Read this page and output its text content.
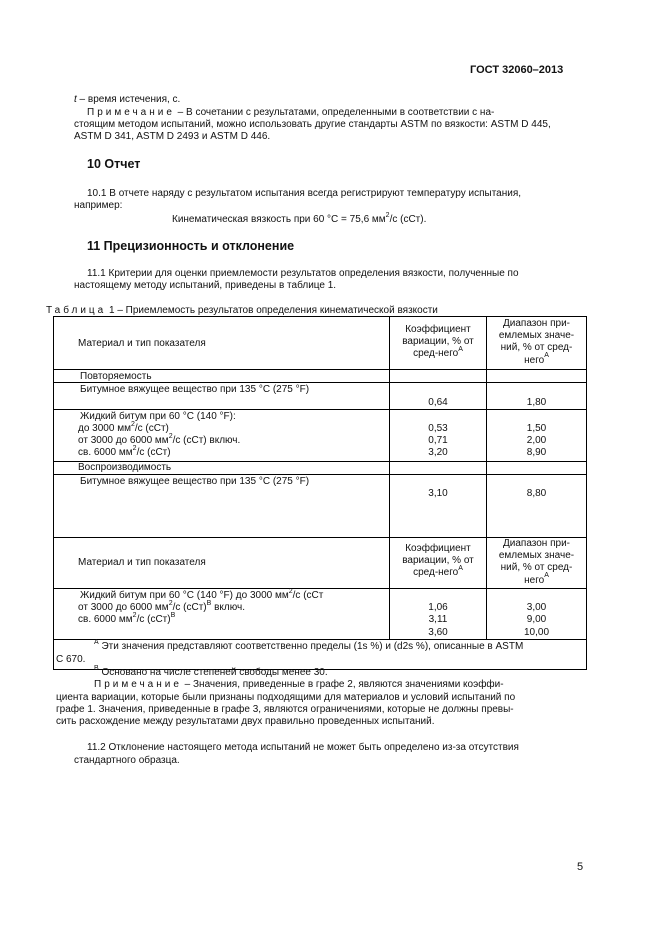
ГОСТ 32060–2013
t – время истечения, с.
Примечание – В сочетании с результатами, определенными в соответствии с на-
стоящим методом испытаний, можно использовать другие стандарты ASTM по вязкости: ASTM D 445,
ASTM D 341, ASTM D 2493 и ASTM D 446.
10 Отчет
10.1 В отчете наряду с результатом испытания всегда регистрируют температуру испытания,
например:
Кинематическая вязкость при 60 °С = 75,6 $мм^2/с$ (сСт).
11 Прецизионность и отклонение
11.1 Критерии для оценки приемлемости результатов определения вязкости, полученные по
настоящему методу испытаний, приведены в таблице 1.
Таблица 1 – Приемлемость результатов определения кинематической вязкости
Материал и тип показателя
Коэффициент
вариации, % от
сред-него$^A$
Диапазон при-
емлемых значе-
ний, % от сред-
него$^A$
Повторяемость
Битумное вяжущее вещество при 135 °С (275 °F)
0,64	1,80
Жидкий битум при 60 °С (140 °F):
до 3000 $мм^2/с$ (сСт)
от 3000 до 6000 $мм^2/с$ (сСт) включ.
св. 6000 $мм^2/с$ (сСт)
0,53
0,71
3,20
1,50
2,00
8,90
Воспроизводимость
Битумное вяжущее вещество при 135 °С (275 °F)
3,10	8,80
Материал и тип показателя
Коэффициент
вариации, % от
сред-него$^A$
Диапазон при-
емлемых значе-
ний, % от сред-
него$^A$
Жидкий битум при 60 °С (140 °F) до 3000 $мм^2/с$ (сСт
от 3000 до 6000 $мм^2/с$ (сСт)$^B$ включ.
св. 6000 $мм^2/с$ (сСт)$^B$
1,06
3,11
3,60
3,00
9,00
10,00
$^A$ Эти значения представляют соответственно пределы (1s %) и (d2s %), описанные в ASTM
C 670.
$^B$ Основано на числе степеней свободы менее 30.
Примечание – Значения, приведенные в графе 2, являются значениями коэффи-
циента вариации, которые были признаны подходящими для материалов и условий испытаний по
графе 1. Значения, приведенные в графе 3, являются ограничениями, которые не должны превы-
сить расхождение между результатами двух правильно проведенных испытаний.
11.2 Отклонение настоящего метода испытаний не может быть определено из-за отсутствия
стандартного образца.
5
